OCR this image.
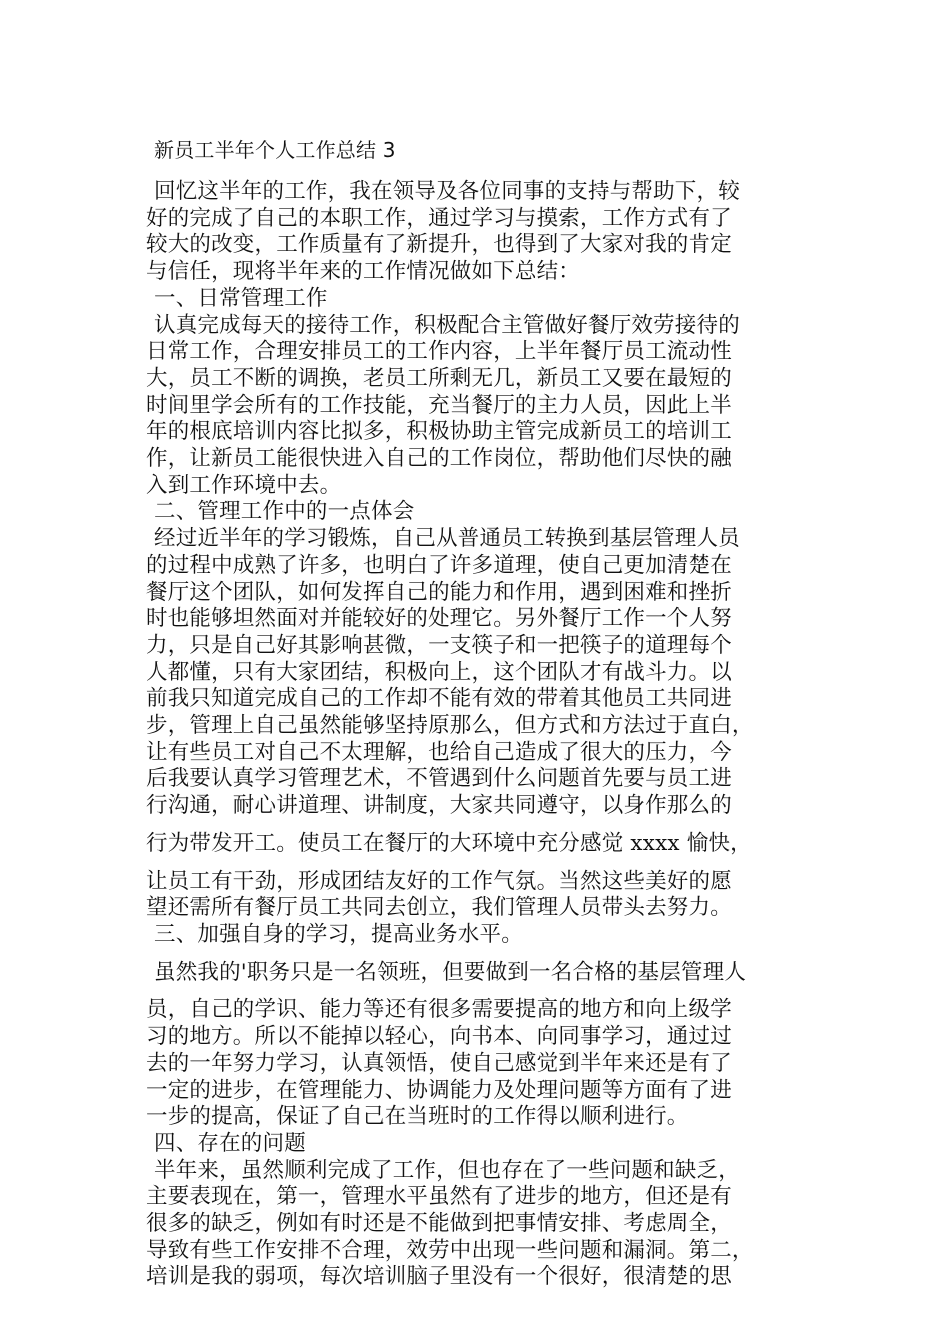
新员工半年个人工作总结 3

回忆这半年的工作，我在领导及各位同事的支持与帮助下，较
好的完成了自己的本职工作，通过学习与摸索，工作方式有了
较大的改变，工作质量有了新提升，也得到了大家对我的肯定
与信任，现将半年来的工作情况做如下总结：

一、日常管理工作

认真完成每天的接待工作，积极配合主管做好餐厅效劳接待的
日常工作，合理安排员工的工作内容，上半年餐厅员工流动性
大，员工不断的调换，老员工所剩无几，新员工又要在最短的
时间里学会所有的工作技能，充当餐厅的主力人员，因此上半
年的根底培训内容比拟多，积极协助主管完成新员工的培训工
作，让新员工能很快进入自己的工作岗位，帮助他们尽快的融
入到工作环境中去。

二、管理工作中的一点体会

经过近半年的学习锻炼，自己从普通员工转换到基层管理人员
的过程中成熟了许多，也明白了许多道理，使自己更加清楚在
餐厅这个团队，如何发挥自己的能力和作用，遇到困难和挫折
时也能够坦然面对并能较好的处理它。另外餐厅工作一个人努
力，只是自己好其影响甚微，一支筷子和一把筷子的道理每个
人都懂，只有大家团结，积极向上，这个团队才有战斗力。以
前我只知道完成自己的工作却不能有效的带着其他员工共同进
步，管理上自己虽然能够坚持原那么，但方式和方法过于直白，
让有些员工对自己不太理解，也给自己造成了很大的压力，今
后我要认真学习管理艺术，不管遇到什么问题首先要与员工进
行沟通，耐心讲道理、讲制度，大家共同遵守，以身作那么的
行为带发开工。使员工在餐厅的大环境中充分感觉 xxxx 愉快，
让员工有干劲，形成团结友好的工作气氛。当然这些美好的愿
望还需所有餐厅员工共同去创立，我们管理人员带头去努力。

三、加强自身的学习，提高业务水平。

虽然我的'职务只是一名领班，但要做到一名合格的基层管理人
员，自己的学识、能力等还有很多需要提高的地方和向上级学
习的地方。所以不能掉以轻心，向书本、向同事学习，通过过
去的一年努力学习，认真领悟，使自己感觉到半年来还是有了
一定的进步，在管理能力、协调能力及处理问题等方面有了进
一步的提高，保证了自己在当班时的工作得以顺利进行。

四、存在的问题

半年来，虽然顺利完成了工作，但也存在了一些问题和缺乏，
主要表现在，第一，管理水平虽然有了进步的地方，但还是有
很多的缺乏，例如有时还是不能做到把事情安排、考虑周全，
导致有些工作安排不合理，效劳中出现一些问题和漏洞。第二，
培训是我的弱项，每次培训脑子里没有一个很好，很清楚的思
